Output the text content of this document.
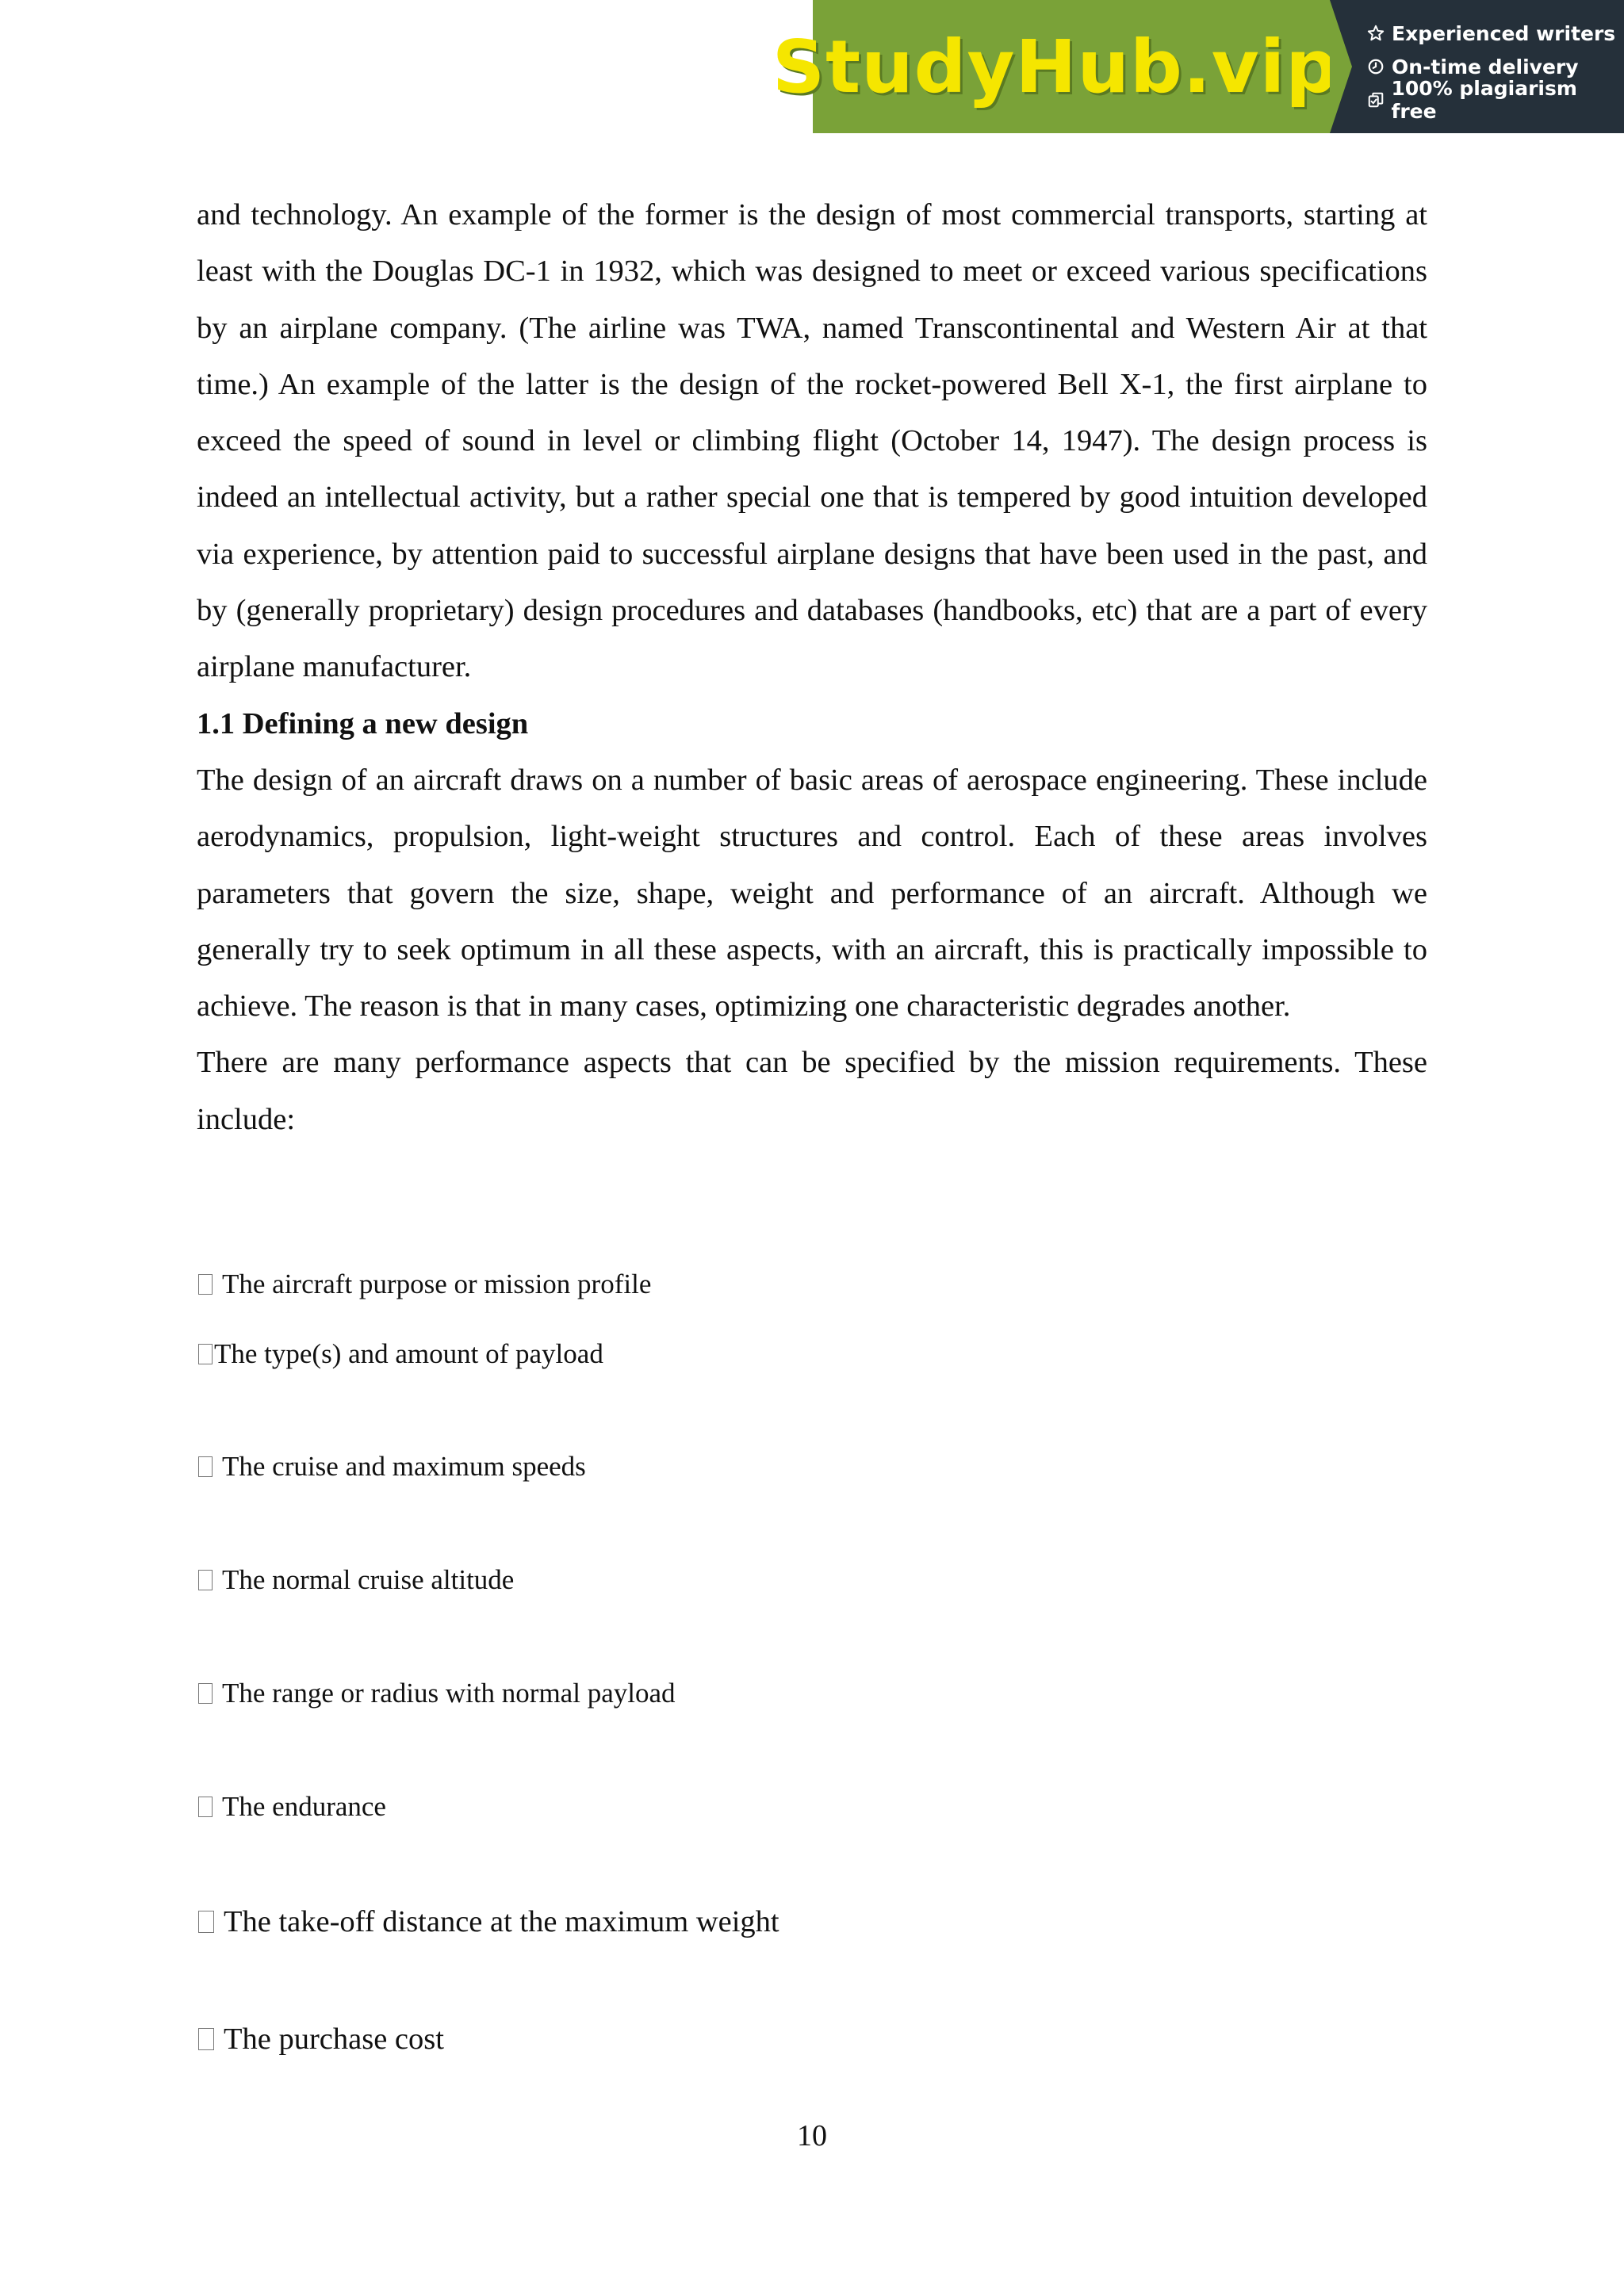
StudyHub.vip	Experienced writers
On-time delivery
100% plagiarism free

and technology. An example of the former is the design of most commercial transports, starting at least with the Douglas DC-1 in 1932, which was designed to meet or exceed various specifications by an airplane company. (The airline was TWA, named Transcontinental and Western Air at that time.) An example of the latter is the design of the rocket-powered Bell X-1, the first airplane to exceed the speed of sound in level or climbing flight (October 14, 1947). The design process is indeed an intellectual activity, but a rather special one that is tempered by good intuition developed via experience, by attention paid to successful airplane designs that have been used in the past, and by (generally proprietary) design procedures and databases (handbooks, etc) that are a part of every airplane manufacturer.

1.1 Defining a new design

The design of an aircraft draws on a number of basic areas of aerospace engineering. These include aerodynamics, propulsion, light-weight structures and control. Each of these areas involves parameters that govern the size, shape, weight and performance of an aircraft. Although we generally try to seek optimum in all these aspects, with an aircraft, this is practically impossible to achieve. The reason is that in many cases, optimizing one characteristic degrades another.

There are many performance aspects that can be specified by the mission requirements. These include:

The aircraft purpose or mission profile
The type(s) and amount of payload
The cruise and maximum speeds
The normal cruise altitude
The range or radius with normal payload
The endurance
The take-off distance at the maximum weight
The purchase cost
10
